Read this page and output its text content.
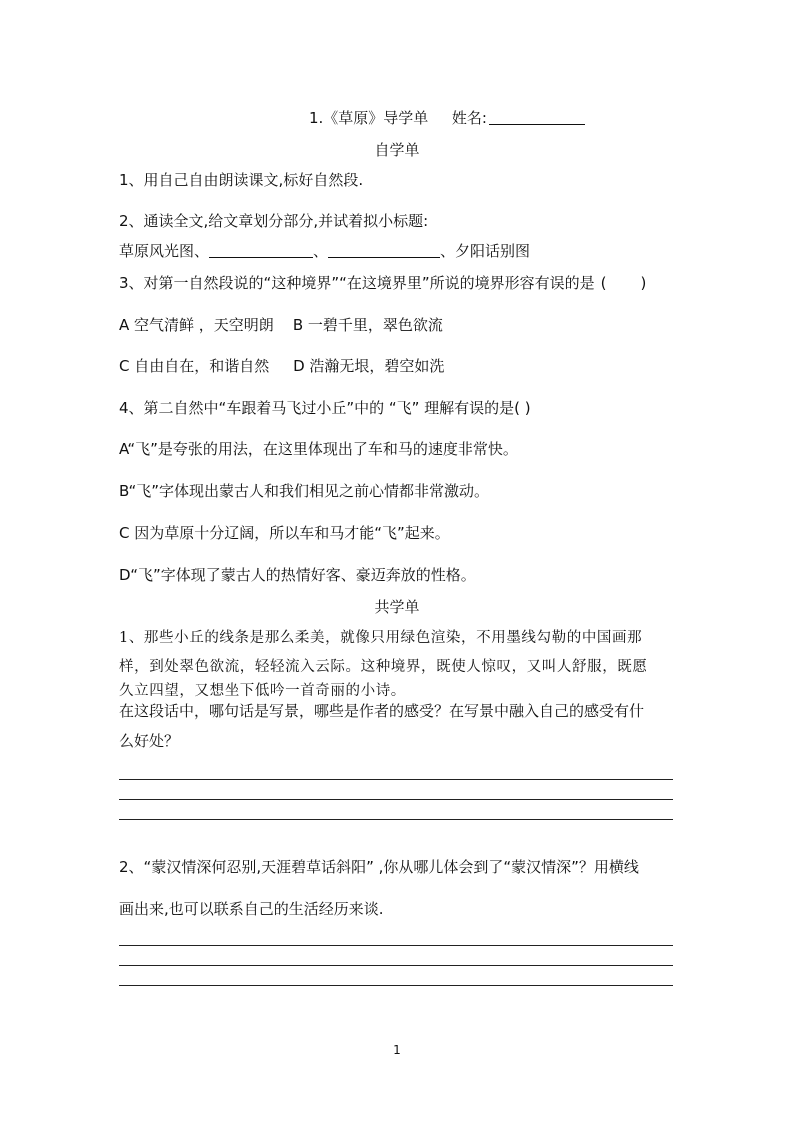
1.《草原》导学单 姓名:
自学单
1、用自己自由朗读课文,标好自然段.
2、通读全文,给文章划分部分,并试着拟小标题:
草原风光图、	、	、夕阳话别图
3、对第一自然段说的“这种境界”“在这境界里”所说的境界形容有误的是 ( )
A 空气清鲜 ，天空明朗    B 一碧千里，翠色欲流
C 自由自在，和谐自然     D 浩瀚无垠，碧空如洗
4、第二自然中“车跟着马飞过小丘”中的 “飞” 理解有误的是( )
A“飞”是夸张的用法，在这里体现出了车和马的速度非常快。
B“飞”字体现出蒙古人和我们相见之前心情都非常激动。
C 因为草原十分辽阔，所以车和马才能“飞”起来。
D“飞”字体现了蒙古人的热情好客、豪迈奔放的性格。
共学单
1、那些小丘的线条是那么柔美，就像只用绿色渲染，不用墨线勾勒的中国画那
样，到处翠色欲流，轻轻流入云际。这种境界，既使人惊叹，又叫人舒服，既愿
久立四望，又想坐下低吟一首奇丽的小诗。
在这段话中，哪句话是写景，哪些是作者的感受？在写景中融入自己的感受有什
么好处？
2、“蒙汉情深何忍别,天涯碧草话斜阳” ,你从哪儿体会到了“蒙汉情深”？用横线
画出来,也可以联系自己的生活经历来谈.
1
